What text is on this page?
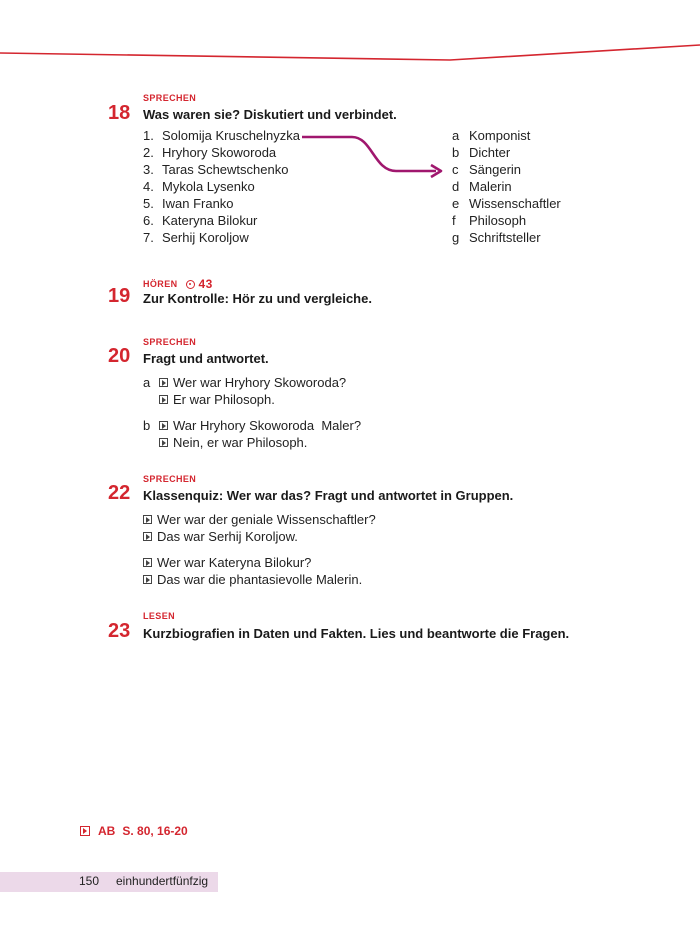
SPRECHEN
18 Was waren sie? Diskutiert und verbindet.
1. Solomija Kruschelnyzka
2. Hryhory Skoworoda
3. Taras Schewtschenko
4. Mykola Lysenko
5. Iwan Franko
6. Kateryna Bilokur
7. Serhij Koroljow
a Komponist
b Dichter
c Sängerin
d Malerin
e Wissenschaftler
f	Philosoph
g Schriftsteller
HÖREN 43
19 Zur Kontrolle: Hör zu und vergleiche.
SPRECHEN
20 Fragt und antwortet.
a	Wer war Hryhory Skoworoda?
Er war Philosoph.
b	War Hryhory Skoworoda  Maler?
Nein, er war Philosoph.
SPRECHEN
22 Klassenquiz: Wer war das? Fragt und antwortet in Gruppen.
Wer war der geniale Wissenschaftler?
Das war Serhij Koroljow.
Wer war Kateryna Bilokur?
Das war die phantasievolle Malerin.
LESEN
23 Kurzbiografien in Daten und Fakten. Lies und beantworte die Fragen.
AB S. 80, 16-20
150 einhundertfünfzig
